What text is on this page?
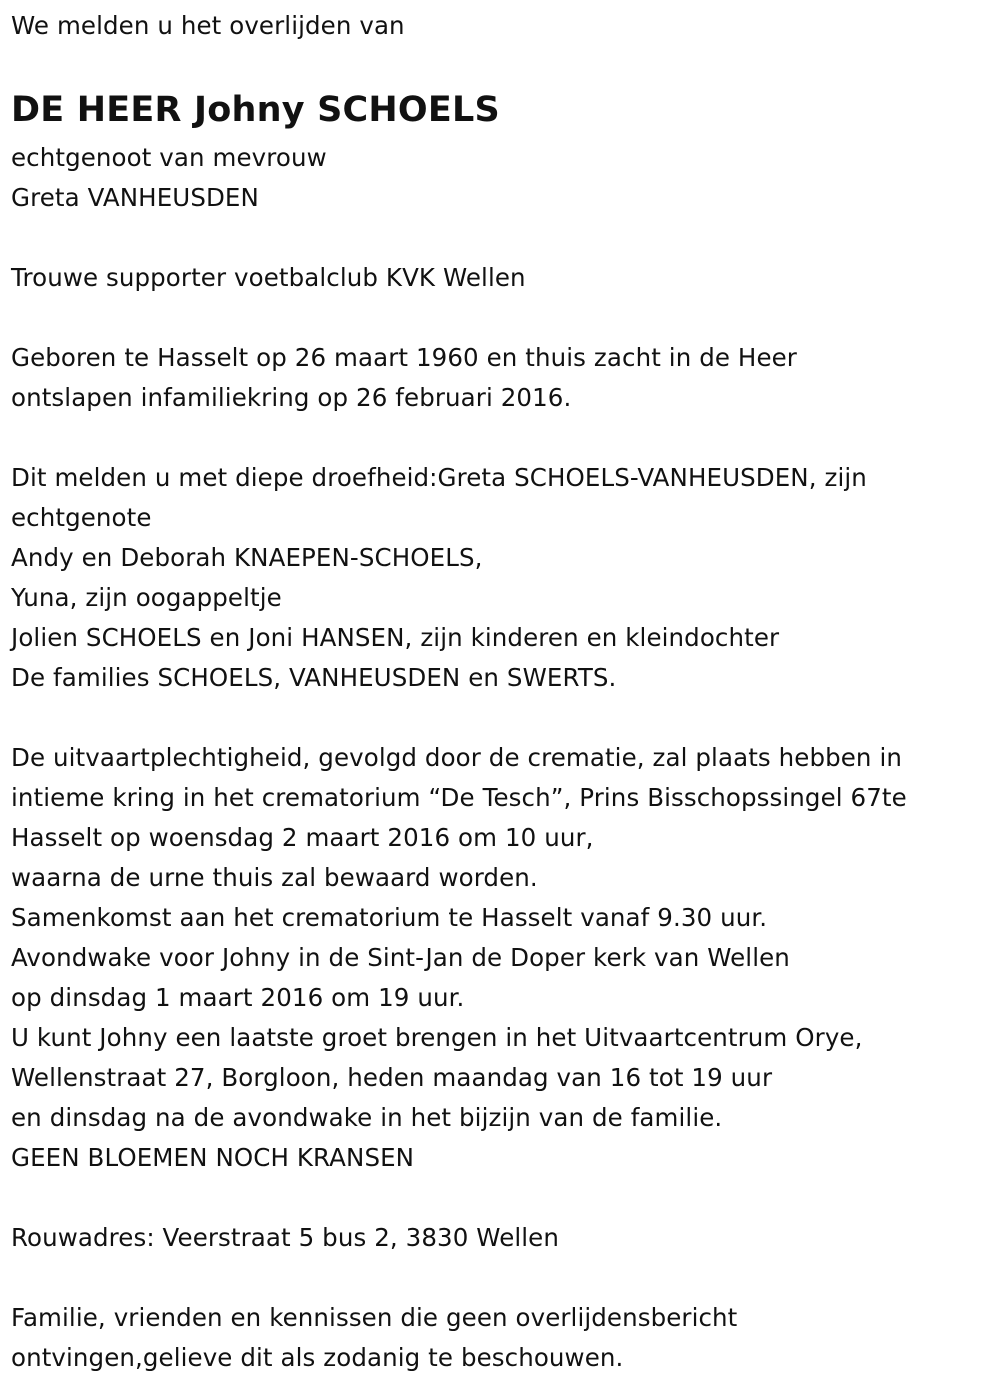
We melden u het overlijden van
DE HEER Johny SCHOELS
echtgenoot van mevrouw
Greta VANHEUSDEN
Trouwe supporter voetbalclub KVK Wellen
Geboren te Hasselt op 26 maart 1960 en thuis zacht in de Heer
ontslapen infamiliekring op 26 februari 2016.
Dit melden u met diepe droefheid:Greta SCHOELS-VANHEUSDEN, zijn
echtgenote
Andy en Deborah KNAEPEN-SCHOELS,
Yuna, zijn oogappeltje
Jolien SCHOELS en Joni HANSEN, zijn kinderen en kleindochter
De families SCHOELS, VANHEUSDEN en SWERTS.
De uitvaartplechtigheid, gevolgd door de crematie, zal plaats hebben in
intieme kring in het crematorium “De Tesch”, Prins Bisschopssingel 67te
Hasselt op woensdag 2 maart 2016 om 10 uur,
waarna de urne thuis zal bewaard worden.
Samenkomst aan het crematorium te Hasselt vanaf 9.30 uur.
Avondwake voor Johny in de Sint-Jan de Doper kerk van Wellen
op dinsdag 1 maart 2016 om 19 uur.
U kunt Johny een laatste groet brengen in het Uitvaartcentrum Orye,
Wellenstraat 27, Borgloon, heden maandag van 16 tot 19 uur
en dinsdag na de avondwake in het bijzijn van de familie.
GEEN BLOEMEN NOCH KRANSEN
Rouwadres: Veerstraat 5 bus 2, 3830 Wellen
Familie, vrienden en kennissen die geen overlijdensbericht
ontvingen,gelieve dit als zodanig te beschouwen.
